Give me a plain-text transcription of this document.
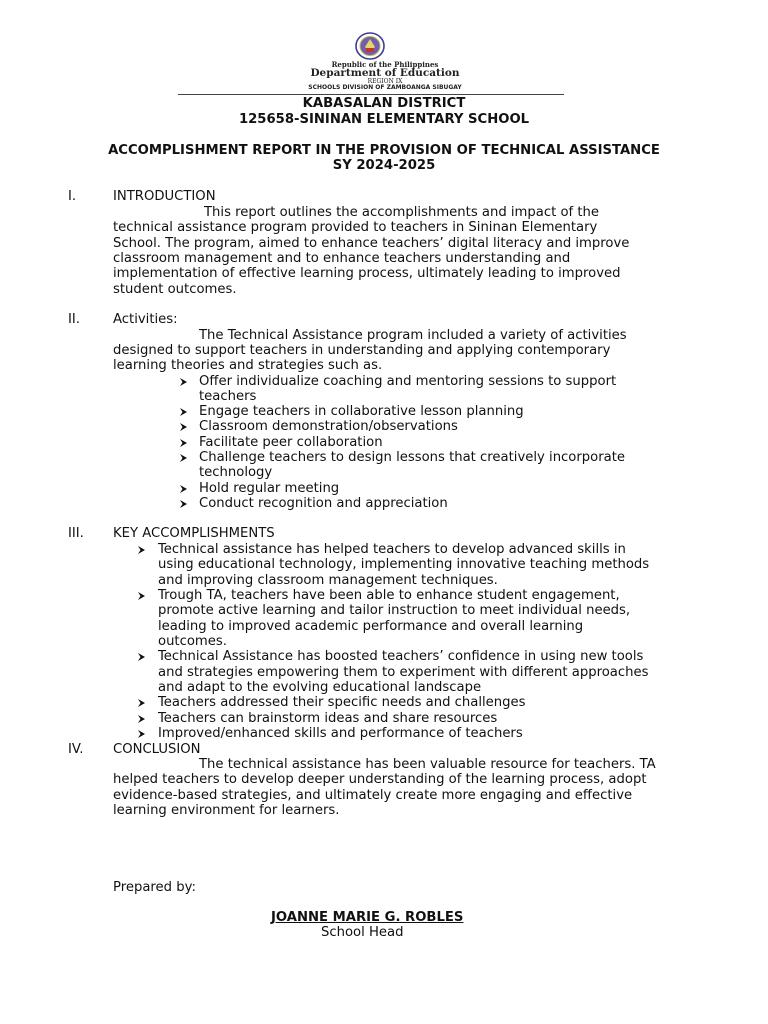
Republic of the Philippines
Department of Education
REGION IX
SCHOOLS DIVISION OF ZAMBOANGA SIBUGAY
KABASALAN DISTRICT
125658-SININAN ELEMENTARY SCHOOL
ACCOMPLISHMENT REPORT IN THE PROVISION OF TECHNICAL ASSISTANCE
SY 2024-2025
I.	INTRODUCTION
This report outlines the accomplishments and impact of the
technical assistance program provided to teachers in Sininan Elementary
School. The program, aimed to enhance teachers’ digital literacy and improve
classroom management and to enhance teachers understanding and
implementation of effective learning process, ultimately leading to improved
student outcomes.
II.	Activities:
The Technical Assistance program included a variety of activities
designed to support teachers in understanding and applying contemporary
learning theories and strategies such as.
Offer individualize coaching and mentoring sessions to support
teachers
Engage teachers in collaborative lesson planning
Classroom demonstration/observations
Facilitate peer collaboration
Challenge teachers to design lessons that creatively incorporate
technology
Hold regular meeting
Conduct recognition and appreciation
III. KEY ACCOMPLISHMENTS
Technical assistance has helped teachers to develop advanced skills in
using educational technology, implementing innovative teaching methods
and improving classroom management techniques.
Trough TA, teachers have been able to enhance student engagement,
promote active learning and tailor instruction to meet individual needs,
leading to improved academic performance and overall learning
outcomes.
Technical Assistance has boosted teachers’ confidence in using new tools
and strategies empowering them to experiment with different approaches
and adapt to the evolving educational landscape
Teachers addressed their specific needs and challenges
Teachers can brainstorm ideas and share resources
Improved/enhanced skills and performance of teachers
IV. CONCLUSION
The technical assistance has been valuable resource for teachers. TA
helped teachers to develop deeper understanding of the learning process, adopt
evidence-based strategies, and ultimately create more engaging and effective
learning environment for learners.
Prepared by:
JOANNE MARIE G. ROBLES
School Head
